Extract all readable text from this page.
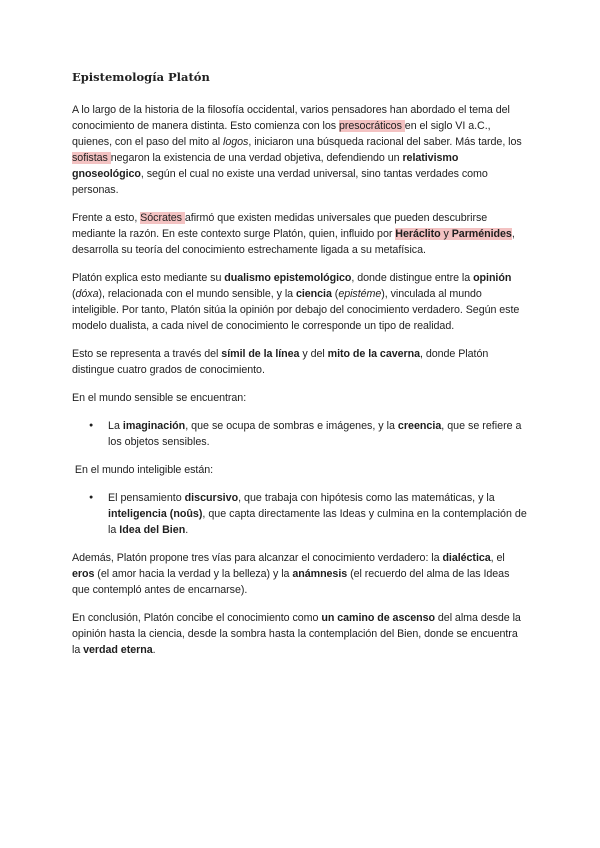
Epistemología Platón

A lo largo de la historia de la filosofía occidental, varios pensadores han abordado el tema del conocimiento de manera distinta. Esto comienza con los presocráticos en el siglo VI a.C., quienes, con el paso del mito al logos, iniciaron una búsqueda racional del saber. Más tarde, los sofistas negaron la existencia de una verdad objetiva, defendiendo un relativismo gnoseológico, según el cual no existe una verdad universal, sino tantas verdades como personas.

Frente a esto, Sócrates afirmó que existen medidas universales que pueden descubrirse mediante la razón. En este contexto surge Platón, quien, influido por Heráclito y Parménides, desarrolla su teoría del conocimiento estrechamente ligada a su metafísica.

Platón explica esto mediante su dualismo epistemológico, donde distingue entre la opinión (dóxa), relacionada con el mundo sensible, y la ciencia (epistéme), vinculada al mundo inteligible. Por tanto, Platón sitúa la opinión por debajo del conocimiento verdadero. Según este modelo dualista, a cada nivel de conocimiento le corresponde un tipo de realidad.

Esto se representa a través del símil de la línea y del mito de la caverna, donde Platón distingue cuatro grados de conocimiento.

En el mundo sensible se encuentran:

● La imaginación, que se ocupa de sombras e imágenes, y la creencia, que se refiere a los objetos sensibles.

En el mundo inteligible están:

● El pensamiento discursivo, que trabaja con hipótesis como las matemáticas, y la inteligencia (noûs), que capta directamente las Ideas y culmina en la contemplación de la Idea del Bien.

Además, Platón propone tres vías para alcanzar el conocimiento verdadero: la dialéctica, el eros (el amor hacia la verdad y la belleza) y la anámnesis (el recuerdo del alma de las Ideas que contempló antes de encarnarse).

En conclusión, Platón concibe el conocimiento como un camino de ascenso del alma desde la opinión hasta la ciencia, desde la sombra hasta la contemplación del Bien, donde se encuentra la verdad eterna.
